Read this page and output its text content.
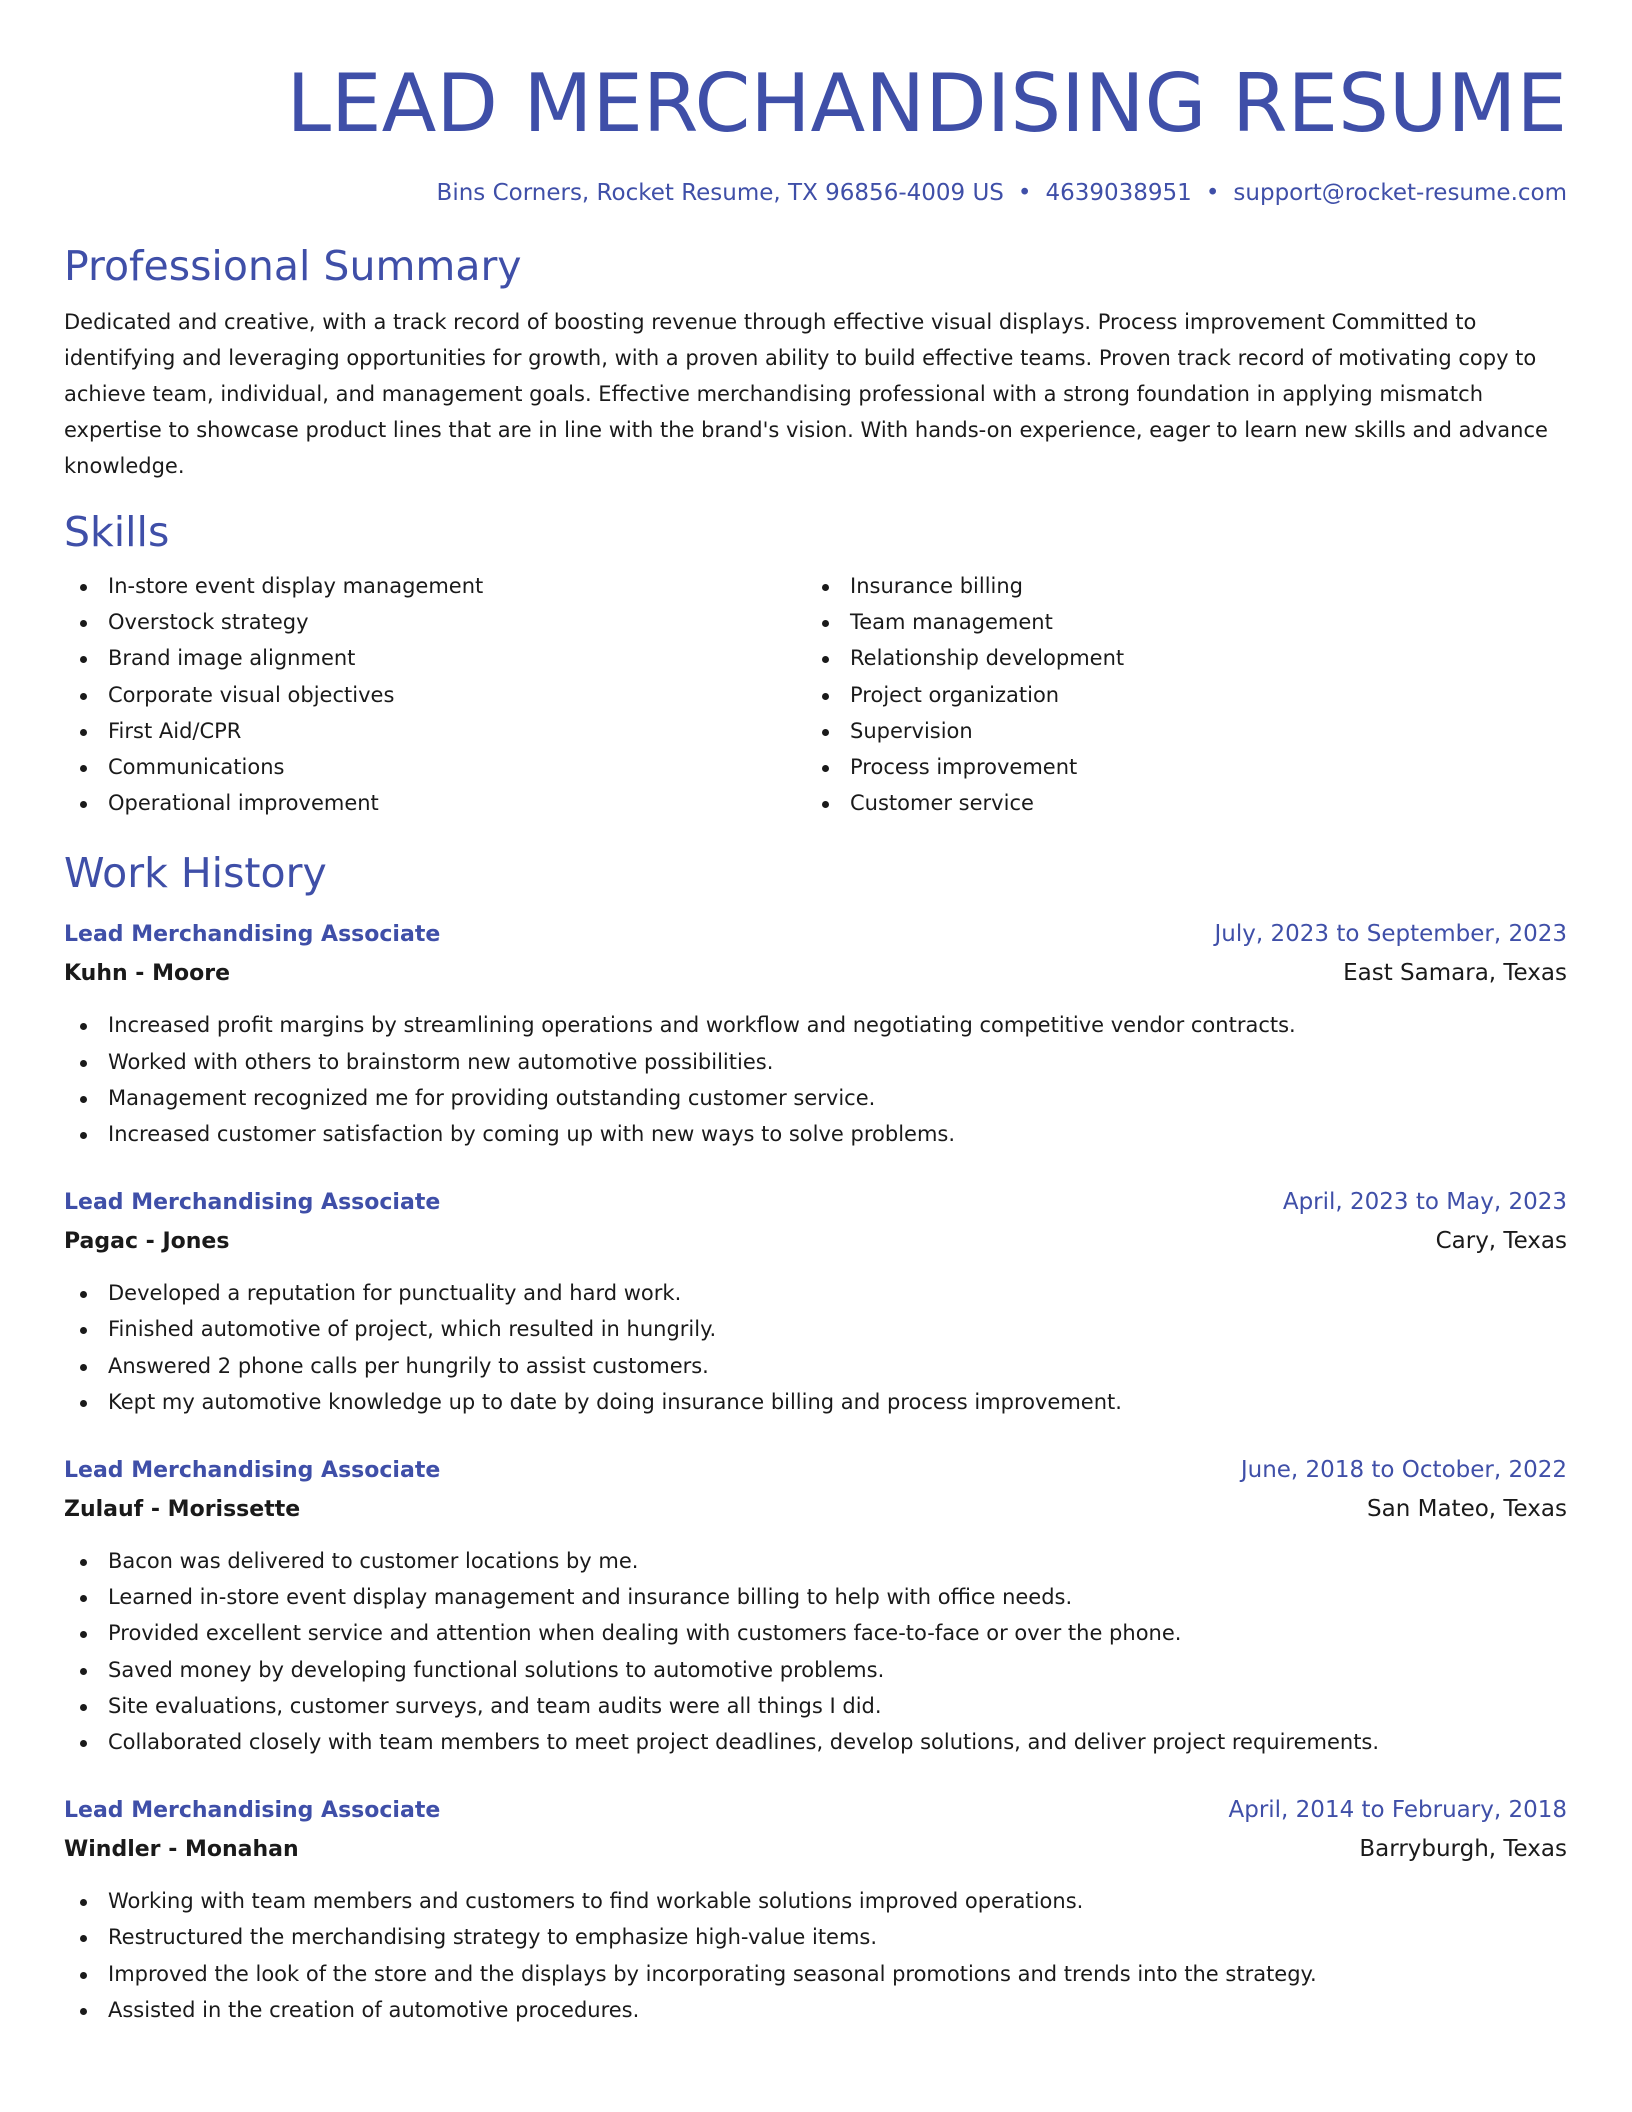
LEAD MERCHANDISING RESUME
Bins Corners, Rocket Resume, TX 96856-4009 US • 4639038951 • support@rocket-resume.com
Professional Summary

Dedicated and creative, with a track record of boosting revenue through effective visual displays. Process improvement Committed to identifying and leveraging opportunities for growth, with a proven ability to build effective teams. Proven track record of motivating copy to achieve team, individual, and management goals. Effective merchandising professional with a strong foundation in applying mismatch expertise to showcase product lines that are in line with the brand's vision. With hands-on experience, eager to learn new skills and advance knowledge.

Skills
In-store event display management
Overstock strategy
Brand image alignment
Corporate visual objectives
First Aid/CPR
Communications
Operational improvement
Insurance billing
Team management
Relationship development
Project organization
Supervision
Process improvement
Customer service
Work History
Lead Merchandising Associate	July, 2023 to September, 2023
Kuhn - Moore	East Samara, Texas
Increased profit margins by streamlining operations and workflow and negotiating competitive vendor contracts.
Worked with others to brainstorm new automotive possibilities.
Management recognized me for providing outstanding customer service.
Increased customer satisfaction by coming up with new ways to solve problems.
Lead Merchandising Associate	April, 2023 to May, 2023
Pagac - Jones	Cary, Texas
Developed a reputation for punctuality and hard work.
Finished automotive of project, which resulted in hungrily.
Answered 2 phone calls per hungrily to assist customers.
Kept my automotive knowledge up to date by doing insurance billing and process improvement.
Lead Merchandising Associate	June, 2018 to October, 2022
Zulauf - Morissette	San Mateo, Texas
Bacon was delivered to customer locations by me.
Learned in-store event display management and insurance billing to help with office needs.
Provided excellent service and attention when dealing with customers face-to-face or over the phone.
Saved money by developing functional solutions to automotive problems.
Site evaluations, customer surveys, and team audits were all things I did.
Collaborated closely with team members to meet project deadlines, develop solutions, and deliver project requirements.
Lead Merchandising Associate	April, 2014 to February, 2018
Windler - Monahan	Barryburgh, Texas
Working with team members and customers to find workable solutions improved operations.
Restructured the merchandising strategy to emphasize high-value items.
Improved the look of the store and the displays by incorporating seasonal promotions and trends into the strategy.
Assisted in the creation of automotive procedures.
